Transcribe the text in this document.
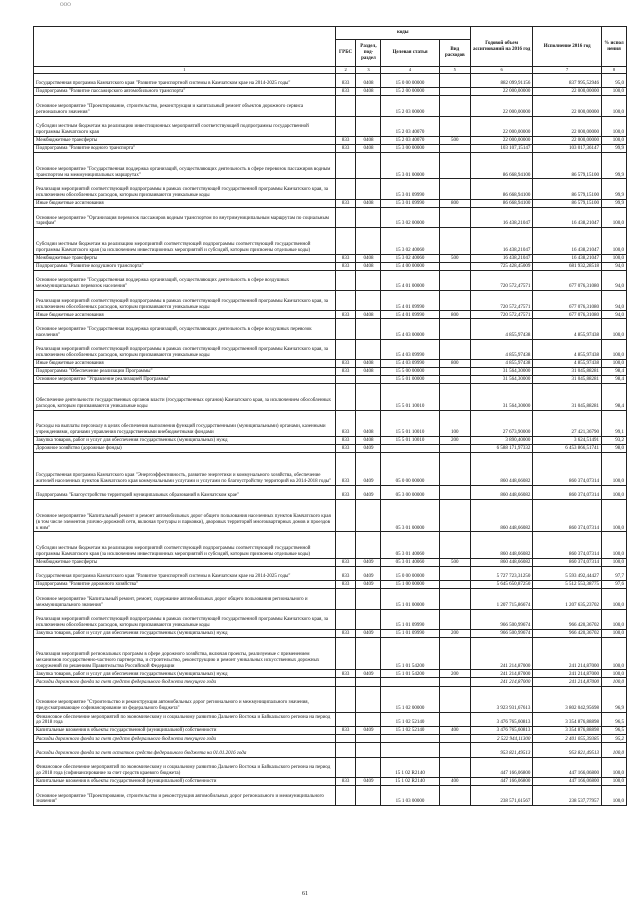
ООО
	коды				Годовой объем ассигнований на 2016 год	Исполнение 2016 год	% испол нения
	ГРБС	Раздел, под-раздел	Целевая статья	Вид расходов			
1	2	3	4	5	6	7	8
Государственная программа Камчатского края "Развитие транспортной системы в Камчатском крае на 2014-2025 годы"	833	0408	15 0 00 00000		882 099,91156	837 995,52946	95,0
Подпрограмма "Развитие пассажирского автомобильного транспорта"	833	0408	15 2 00 00000		22 000,00000	22 000,00000	100,0
Основное мероприятие "Проектирование, строительство, реконструкция и капитальный ремонт объектов дорожного сервиса регионального значения"			15 2 03 00000		22 000,00000	22 000,00000	100,0
Субсидии местным бюджетам на реализацию инвестиционных мероприятий соответствующей подпрограммы государственной программы Камчатского края			15 2 03 40070		22 000,00000	22 000,00000	100,0
Межбюджетные трансферты	833	0408	15 2 03 40070	500	22 000,00000	22 000,00000	100,0
Подпрограмма "Развитие водного транспорта"	833	0408	15 3 00 00000		103 107,15147	103 017,36147	99,9
Основное мероприятие "Государственная поддержка организаций, осуществляющих деятельность в сфере перевозок пассажиров водным транспортом на межмуниципальных маршрутах"			15 3 01 00000		86 668,94100	86 579,15100	99,9
Реализация мероприятий соответствующей подпрограммы в рамках соответствующей государственной программы Камчатского края, за исключением обособленных расходов, которым присваиваются уникальные коды			15 3 01 09990		86 668,94100	86 579,15100	99,9
Иные бюджетные ассигнования	833	0408	15 3 01 09990	800	86 668,94100	86 579,15100	99,9
Основное мероприятие "Организация перевозок пассажиров водным транспортом по внутримуниципальным маршрутам по социальным тарифам"			15 3 02 00000		16 438,21047	16 438,21047	100,0
Субсидии местным бюджетам на реализацию мероприятий соответствующей подпрограммы соответствующей государственной программы Камчатского края (за исключением инвестиционных мероприятий и субсидий, которым присвоены отдельные коды)			15 3 02 40060		16 438,21047	16 438,21047	100,0
Межбюджетные трансферты	833	0408	15 3 02 40060	500	16 438,21047	16 438,21047	100,0
Подпрограмма "Развитие воздушного транспорта"	833	0408	15 4 00 00000		725 428,45009	681 932,28518	94,0
Основное мероприятие "Государственная поддержка организаций, осуществляющих деятельность в сфере воздушных межмуниципальных перевозок населения"			15 4 01 00000		720 572,47571	677 076,31080	94,0
Реализация мероприятий соответствующей подпрограммы в рамках соответствующей государственной программы Камчатского края, за исключением обособленных расходов, которым присваиваются уникальные коды			15 4 01 09990		720 572,47571	677 076,31080	94,0
Иные бюджетные ассигнования	833	0408	15 4 01 09990	800	720 572,47571	677 076,31080	94,0
Основное мероприятие "Государственная поддержка организаций, осуществляющих деятельность в сфере воздушных перевозок населения"			15 4 03 00000		4 855,97438	4 855,97438	100,0
Реализация мероприятий соответствующей подпрограммы в рамках соответствующей государственной программы Камчатского края, за исключением обособленных расходов, которым присваиваются уникальные коды			15 4 03 09990		4 855,97438	4 855,97438	100,0
Иные бюджетные ассигнования	833	0408	15 4 03 09990	800	4 855,97438	4 855,97438	100,0
Подпрограмма "Обеспечение реализации Программы"	833	0408	15 5 00 00000		31 564,30000	31 045,88281	98,4
Основное мероприятие "Управление реализацией Программы"			15 5 01 00000		31 564,30000	31 045,88281	98,4
Обеспечение деятельности государственных органов власти (государственных органов) Камчатского края, за исключением обособленных расходов, которым присваиваются уникальные коды			15 5 01 10010		31 564,30000	31 045,88281	98,4
Расходы на выплаты персоналу в целях обеспечения выполнения функций государственными (муниципальными) органами, казенными учреждениями, органами управления государственными внебюджетными фондами	833	0408	15 5 01 10010	100	27 673,90000	27 421,36790	99,1
Закупка товаров, работ и услуг для обеспечения государственных (муниципальных) нужд	833	0408	15 5 01 10010	200	3 890,40000	3 624,51491	93,2
Дорожное хозяйство (дорожные фонды)	833	0409			6 588 171,97332	6 453 866,51741	98,0
Государственная программа Камчатского края "Энергоэффективность, развитие энергетики и коммунального хозяйства, обеспечение жителей населенных пунктов Камчатского края коммунальными услугами и услугами по благоустройству территорий на 2014-2018 годы"	833	0409	05 0 00 00000		860 448,66082	860 374,07314	100,0
Подпрограмма "Благоустройство территорий муниципальных образований в Камчатском крае"	833	0409	05 3 00 00000		860 448,66082	860 374,07314	100,0
Основное мероприятие "Капитальный ремонт и ремонт автомобильных дорог общего пользования населенных пунктов Камчатского края (в том числе элементов улично-дорожной сети, включая тротуары и парковки), дворовых территорий многоквартирных домов и проездов к ним"			05 3 01 00000		860 448,66082	860 374,07314	100,0
Субсидии местным бюджетам на реализацию мероприятий соответствующей подпрограммы соответствующей государственной программы Камчатского края (за исключением инвестиционных мероприятий и субсидий, которым присвоены отдельные коды)			05 3 01 40060		860 448,66082	860 374,07314	100,0
Межбюджетные трансферты	833	0409	05 3 01 40060	500	860 448,66082	860 374,07314	100,0
Государственная программа Камчатского края "Развитие транспортной системы в Камчатском крае на 2014-2025 годы"	833	0409	15 0 00 00000		5 727 723,31250	5 593 492,44427	97,7
Подпрограмма "Развитие дорожного хозяйства"	833	0409	15 1 00 00000		5 645 650,87250	5 512 553,38775	97,6
Основное мероприятие "Капитальный ремонт, ремонт, содержание автомобильных дорог общего пользования регионального и межмуниципального значения"			15 1 01 00000		1 207 715,86674	1 207 635,23702	100,0
Реализация мероприятий соответствующей подпрограммы в рамках соответствующей государственной программы Камчатского края, за исключением обособленных расходов, которым присваиваются уникальные коды			15 1 01 09990		966 500,99674	966 420,36702	100,0
Закупка товаров, работ и услуг для обеспечения государственных (муниципальных) нужд	833	0409	15 1 01 09990	200	966 500,99674	966 420,36702	100,0
Реализация мероприятий региональных программ в сфере дорожного хозяйства, включая проекты, реализуемые с применением механизмов государственно-частного партнерства, и строительство, реконструкцию и ремонт уникальных искусственных дорожных сооружений по решениям Правительства Российской Федерации			15 1 01 54200		241 214,87000	241 214,87000	100,0
Закупка товаров, работ и услуг для обеспечения государственных (муниципальных) нужд	833	0409	15 1 01 54200	200	241 214,87000	241 214,87000	100,0
Расходы дорожного фонда за счет средств федерального бюджета текущего года					241 214,87000	241 214,87000	100,0
Основное мероприятие "Строительство и реконструкция автомобильных дорог регионального и межмуниципального значения, предусматривающее софинансирование из федерального бюджета"			15 1 02 00000		3 923 931,67613	3 802 042,95698	96,9
Финансовое обеспечение мероприятий по экономическому и социальному развитию Дальнего Востока и Байкальского региона на период до 2018 года			15 1 02 52140		3 476 765,60813	3 354 876,88898	96,5
Капитальные вложения в объекты государственной (муниципальной) собственности	833	0409	15 1 02 52140	400	3 476 765,60813	3 354 876,88898	96,5
Расходы дорожного фонда за счет средств федерального бюджета текущего года					2 522 944,11300	2 401 055,39385	95,2
Расходы дорожного фонда за счет остатков средств федерального бюджета на 01.01.2016 года					953 821,49513	953 821,49513	100,0
Финансовое обеспечение мероприятий по экономическому и социальному развитию Дальнего Востока и Байкальского региона на период до 2018 года (софинансирование за счет средств краевого бюджета)			15 1 02 R2140		447 166,06800	447 166,06800	100,0
Капитальные вложения в объекты государственной (муниципальной) собственности	833	0409	15 1 02 R2140	400	447 166,06800	447 166,06800	100,0
Основное мероприятие "Проектирование, строительство и реконструкция автомобильных дорог регионального и межмуниципального значения"			15 1 03 00000		238 571,61567	238 537,77957	100,0
61
